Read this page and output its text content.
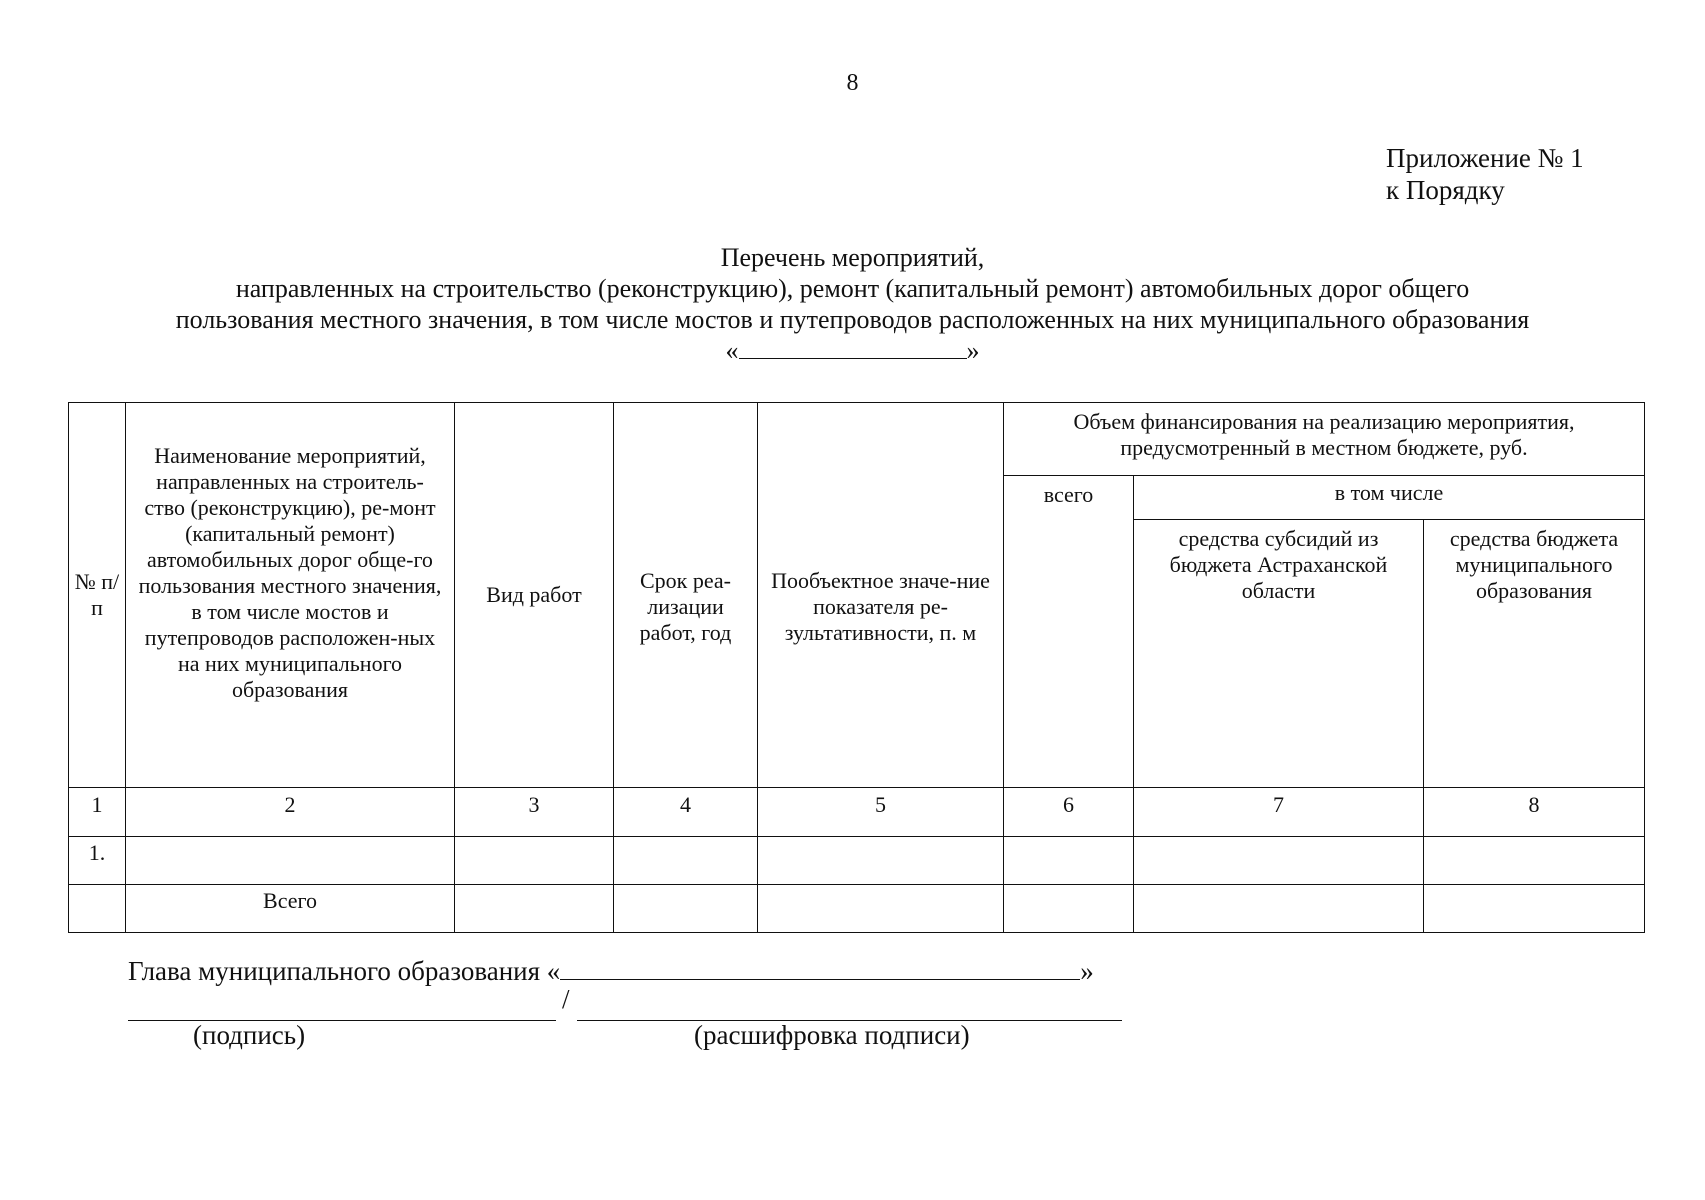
8
Приложение № 1
к Порядку
Перечень мероприятий,
направленных на строительство (реконструкцию), ремонт (капитальный ремонт) автомобильных дорог общего
пользования местного значения, в том числе мостов и путепроводов расположенных на них муниципального образования
«	»
№ п/п	Наименование мероприятий, направленных на строитель-ство (реконструкцию), ре-монт (капитальный ремонт) автомобильных дорог обще-го пользования местного значения, в том числе мостов и путепроводов расположен-ных на них муниципального образования	Вид работ	Срок реа-лизации работ, год	Пообъектное значе-ние показателя ре-зультативности, п. м	Объем финансирования на реализацию мероприятия, предусмотренный в местном бюджете, руб.		
					всего	в том числе	
						средства субсидий из бюджета Астраханской области	средства бюджета муниципального образования
1	2	3	4	5	6	7	8
1.							
	Всего						
Глава муниципального образования «	»
/
(подпись)	(расшифровка подписи)
